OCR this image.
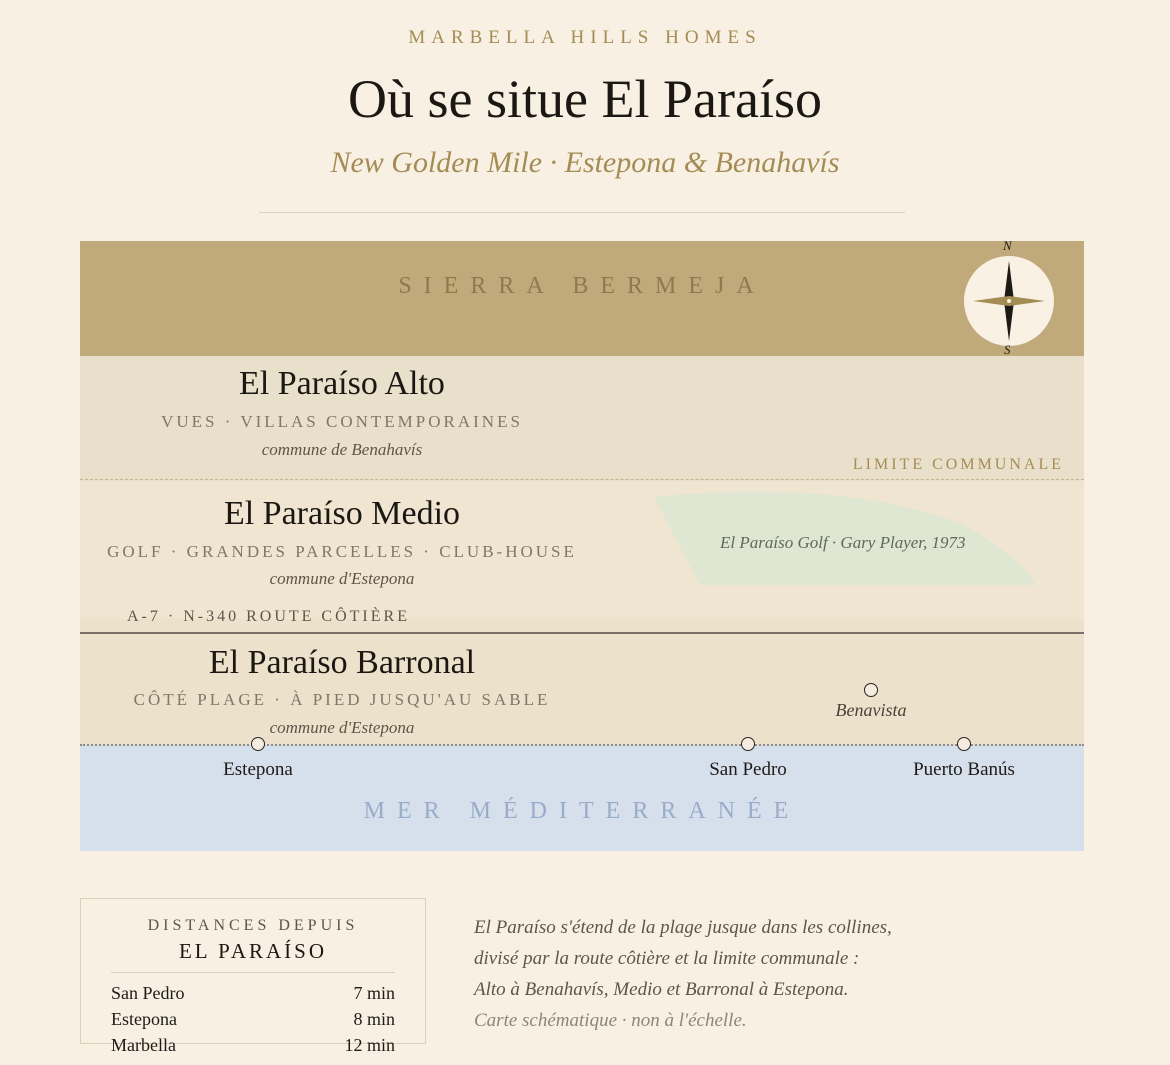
MARBELLA HILLS HOMES
Où se situe El Paraíso
New Golden Mile · Estepona & Benahavís
SIERRA BERMEJA
N
S
El Paraíso Alto
VUES · VILLAS CONTEMPORAINES
commune de Benahavís
LIMITE COMMUNALE
El Paraíso Medio
GOLF · GRANDES PARCELLES · CLUB-HOUSE
commune d'Estepona
El Paraíso Golf · Gary Player, 1973
A-7 · N-340 ROUTE CÔTIÈRE
El Paraíso Barronal
CÔTÉ PLAGE · À PIED JUSQU'AU SABLE
commune d'Estepona
Benavista
Estepona	San Pedro	Puerto Banús
MER MÉDITERRANÉE
DISTANCES DEPUIS
EL PARAÍSO
San Pedro	7 min
Estepona	8 min
Marbella	12 min
El Paraíso s'étend de la plage jusque dans les collines,
divisé par la route côtière et la limite communale :
Alto à Benahavís, Medio et Barronal à Estepona.
Carte schématique · non à l'échelle.
